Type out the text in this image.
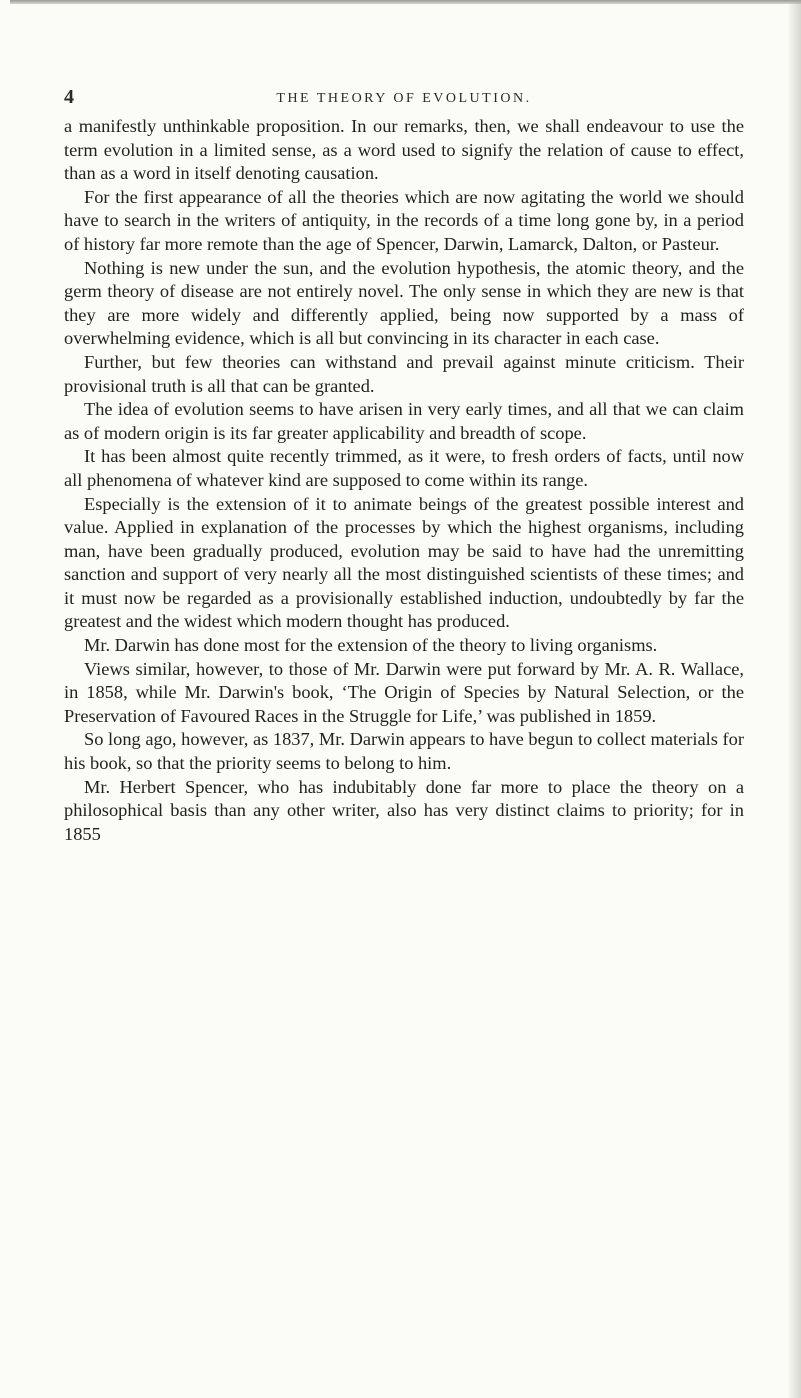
4	THE THEORY OF EVOLUTION.

a manifestly unthinkable proposition. In our remarks, then, we shall endeavour to use the term evolution in a limited sense, as a word used to signify the relation of cause to effect, than as a word in itself denoting causation.

For the first appearance of all the theories which are now agitating the world we should have to search in the writers of antiquity, in the records of a time long gone by, in a period of history far more remote than the age of Spencer, Darwin, Lamarck, Dalton, or Pasteur.

Nothing is new under the sun, and the evolution hypothesis, the atomic theory, and the germ theory of disease are not entirely novel. The only sense in which they are new is that they are more widely and differently applied, being now supported by a mass of overwhelming evidence, which is all but convincing in its character in each case.

Further, but few theories can withstand and prevail against minute criticism. Their provisional truth is all that can be granted.

The idea of evolution seems to have arisen in very early times, and all that we can claim as of modern origin is its far greater applicability and breadth of scope.

It has been almost quite recently trimmed, as it were, to fresh orders of facts, until now all phenomena of whatever kind are supposed to come within its range.

Especially is the extension of it to animate beings of the greatest possible interest and value. Applied in explanation of the processes by which the highest organisms, including man, have been gradually produced, evolution may be said to have had the unremitting sanction and support of very nearly all the most distinguished scientists of these times; and it must now be regarded as a provisionally established induction, undoubtedly by far the greatest and the widest which modern thought has produced.

Mr. Darwin has done most for the extension of the theory to living organisms.

Views similar, however, to those of Mr. Darwin were put forward by Mr. A. R. Wallace, in 1858, while Mr. Darwin's book, ‘The Origin of Species by Natural Selection, or the Preservation of Favoured Races in the Struggle for Life,’ was published in 1859.

So long ago, however, as 1837, Mr. Darwin appears to have begun to collect materials for his book, so that the priority seems to belong to him.

Mr. Herbert Spencer, who has indubitably done far more to place the theory on a philosophical basis than any other writer, also has very distinct claims to priority; for in 1855
